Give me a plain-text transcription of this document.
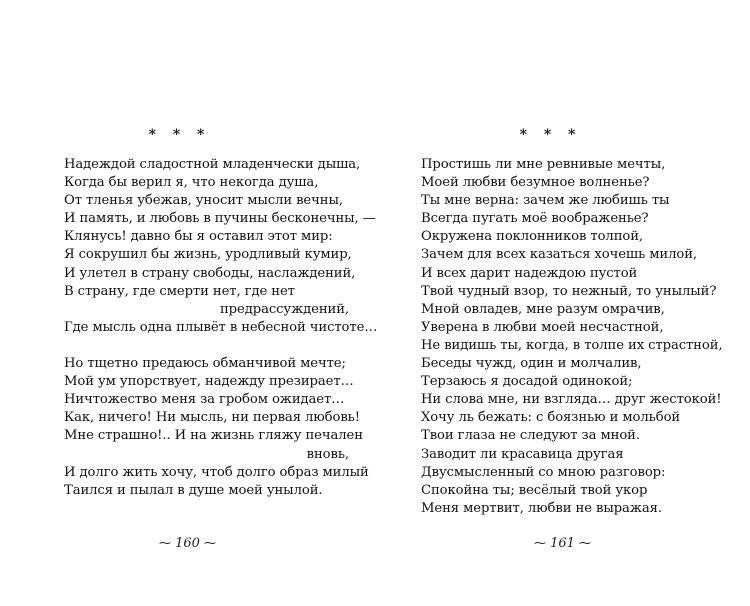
* * *
Надеждой сладостной младенчески дыша,
Когда бы верил я, что некогда душа,
От тленья убежав, уносит мысли вечны,
И память, и любовь в пучины бесконечны, —
Клянусь! давно бы я оставил этот мир:
Я сокрушил бы жизнь, уродливый кумир,
И улетел в страну свободы, наслаждений,
В страну, где смерти нет, где нет
предрассуждений,
Где мысль одна плывёт в небесной чистоте…
Но тщетно предаюсь обманчивой мечте;
Мой ум упорствует, надежду презирает…
Ничтожество меня за гробом ожидает…
Как, ничего! Ни мысль, ни первая любовь!
Мне страшно!.. И на жизнь гляжу печален
вновь,
И долго жить хочу, чтоб долго образ милый
Таился и пылал в душе моей унылой.
⁓ 160 ⁓
* * *
Простишь ли мне ревнивые мечты,
Моей любви безумное волненье?
Ты мне верна: зачем же любишь ты
Всегда пугать моё воображенье?
Окружена поклонников толпой,
Зачем для всех казаться хочешь милой,
И всех дарит надеждою пустой
Твой чудный взор, то нежный, то унылый?
Мной овладев, мне разум омрачив,
Уверена в любви моей несчастной,
Не видишь ты, когда, в толпе их страстной,
Беседы чужд, один и молчалив,
Терзаюсь я досадой одинокой;
Ни слова мне, ни взгляда… друг жестокой!
Хочу ль бежать: с боязнью и мольбой
Твои глаза не следуют за мной.
Заводит ли красавица другая
Двусмысленный со мною разговор:
Спокойна ты; весёлый твой укор
Меня мертвит, любви не выражая.
⁓ 161 ⁓
